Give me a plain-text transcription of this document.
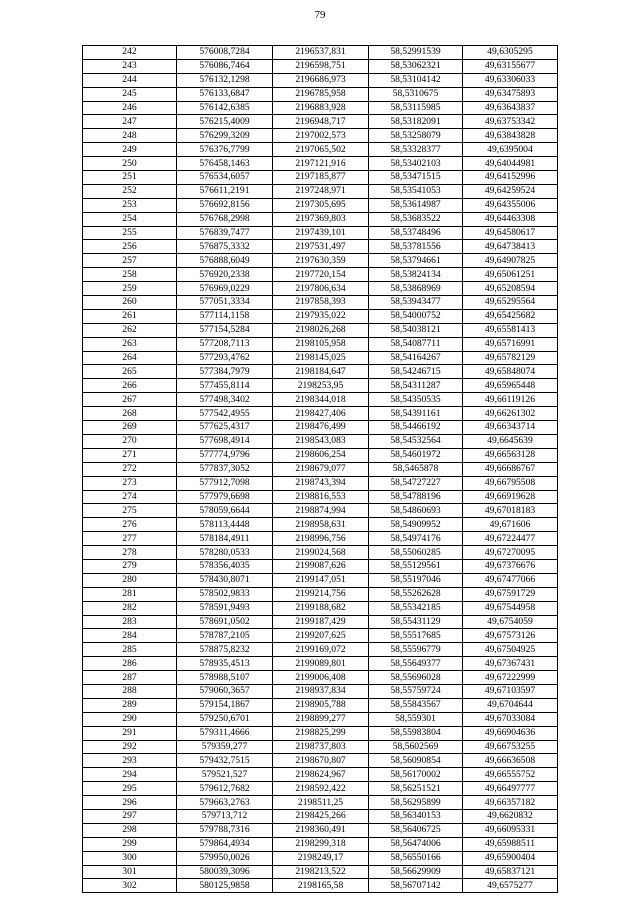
79
242	576008,7284	2196537,831	58,52991539	49,6305295
243	576086,7464	2196598,751	58,53062321	49,63155677
244	576132,1298	2196686,973	58,53104142	49,63306033
245	576133,6847	2196785,958	58,5310675	49,63475893
246	576142,6385	2196883,928	58,53115985	49,63643837
247	576215,4009	2196948,717	58,53182091	49,63753342
248	576299,3209	2197002,573	58,53258079	49,63843828
249	576376,7799	2197065,502	58,53328377	49,6395004
250	576458,1463	2197121,916	58,53402103	49,64044981
251	576534,6057	2197185,877	58,53471515	49,64152996
252	576611,2191	2197248,971	58,53541053	49,64259524
253	576692,8156	2197305,695	58,53614987	49,64355006
254	576768,2998	2197369,803	58,53683522	49,64463308
255	576839,7477	2197439,101	58,53748496	49,64580617
256	576875,3332	2197531,497	58,53781556	49,64738413
257	576888,6049	2197630,359	58,53794661	49,64907825
258	576920,2338	2197720,154	58,53824134	49,65061251
259	576969,0229	2197806,634	58,53868969	49,65208594
260	577051,3334	2197858,393	58,53943477	49,65295564
261	577114,1158	2197935,022	58,54000752	49,65425682
262	577154,5284	2198026,268	58,54038121	49,65581413
263	577208,7113	2198105,958	58,54087711	49,65716991
264	577293,4762	2198145,025	58,54164267	49,65782129
265	577384,7979	2198184,647	58,54246715	49,65848074
266	577455,8114	2198253,95	58,54311287	49,65965448
267	577498,3402	2198344,018	58,54350535	49,66119126
268	577542,4955	2198427,406	58,54391161	49,66261302
269	577625,4317	2198476,499	58,54466192	49,66343714
270	577698,4914	2198543,083	58,54532564	49,6645639
271	577774,9796	2198606,254	58,54601972	49,66563128
272	577837,3052	2198679,077	58,5465878	49,66686767
273	577912,7098	2198743,394	58,54727227	49,66795508
274	577979,6698	2198816,553	58,54788196	49,66919628
275	578059,6644	2198874,994	58,54860693	49,67018183
276	578113,4448	2198958,631	58,54909952	49,671606
277	578184,4911	2198996,756	58,54974176	49,67224477
278	578280,0533	2199024,568	58,55060285	49,67270095
279	578356,4035	2199087,626	58,55129561	49,67376676
280	578430,8071	2199147,051	58,55197046	49,67477066
281	578502,9833	2199214,756	58,55262628	49,67591729
282	578591,9493	2199188,682	58,55342185	49,67544958
283	578691,0502	2199187,429	58,55431129	49,6754059
284	578787,2105	2199207,625	58,55517685	49,67573126
285	578875,8232	2199169,072	58,55596779	49,67504925
286	578935,4513	2199089,801	58,55649377	49,67367431
287	578988,5107	2199006,408	58,55696028	49,67222999
288	579060,3657	2198937,834	58,55759724	49,67103597
289	579154,1867	2198905,788	58,55843567	49,6704644
290	579250,6701	2198899,277	58,559301	49,67033084
291	579311,4666	2198825,299	58,55983804	49,66904636
292	579359,277	2198737,803	58,5602569	49,66753255
293	579432,7515	2198670,807	58,56090854	49,66636508
294	579521,527	2198624,967	58,56170002	49,66555752
295	579612,7682	2198592,422	58,56251521	49,66497777
296	579663,2763	2198511,25	58,56295899	49,66357182
297	579713,712	2198425,266	58,56340153	49,6620832
298	579788,7316	2198360,491	58,56406725	49,66095331
299	579864,4934	2198299,318	58,56474006	49,65988511
300	579950,0026	2198249,17	58,56550166	49,65900404
301	580039,3096	2198213,522	58,56629909	49,65837121
302	580125,9858	2198165,58	58,56707142	49,6575277
